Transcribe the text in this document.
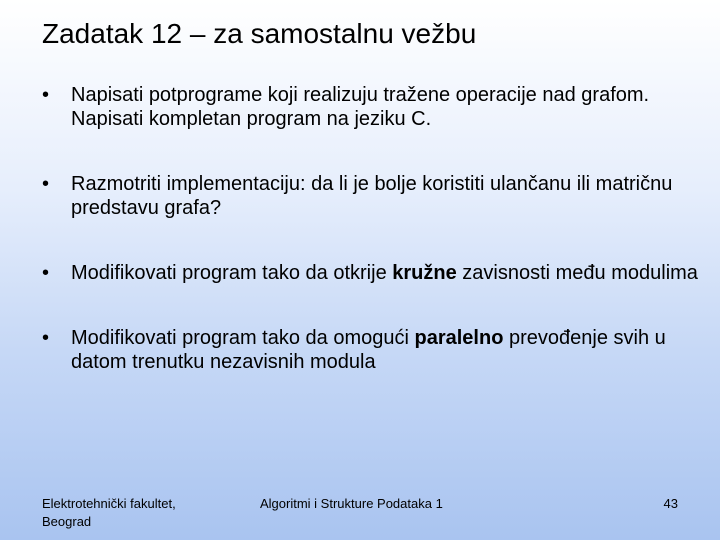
Zadatak 12 – za samostalnu vežbu
• Napisati potprograme koji realizuju tražene operacije nad grafom. Napisati kompletan program na jeziku C.
• Razmotriti implementaciju: da li je bolje koristiti ulančanu ili matričnu predstavu grafa?
• Modifikovati program tako da otkrije kružne zavisnosti među modulima
• Modifikovati program tako da omogući paralelno prevođenje svih u datom trenutku nezavisnih modula
Elektrotehnički fakultet,
Beograd
Algoritmi i Strukture Podataka 1	43
